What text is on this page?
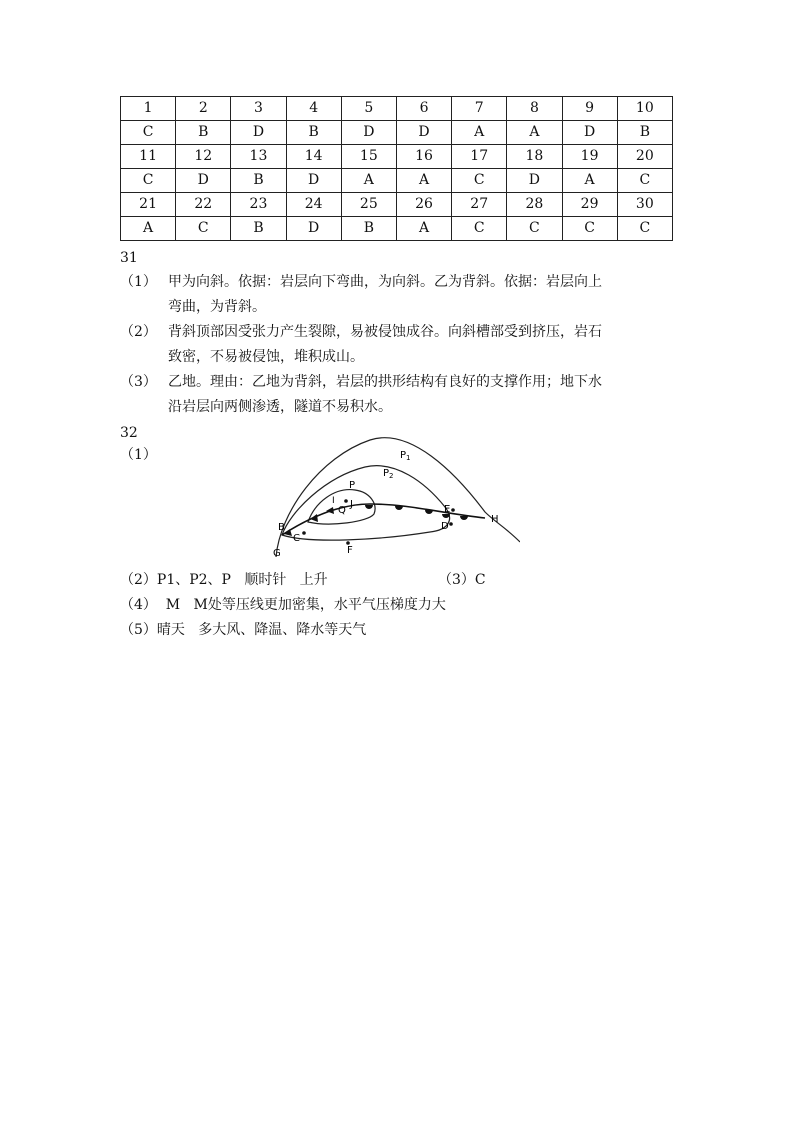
1	2	3	4	5	6	7	8	9	10
C	B	D	B	D	D	A	A	D	B
11	12	13	14	15	16	17	18	19	20
C	D	B	D	A	A	C	D	A	C
21	22	23	24	25	26	27	28	29	30
A	C	B	D	B	A	C	C	C	C
31
（1） 甲为向斜。依据：岩层向下弯曲，为向斜。乙为背斜。依据：岩层向上
弯曲，为背斜。
（2） 背斜顶部因受张力产生裂隙，易被侵蚀成谷。向斜槽部受到挤压，岩石
致密，不易被侵蚀，堆积成山。
（3） 乙地。理由：乙地为背斜，岩层的拱形结构有良好的支撑作用；地下水
沿岩层向两侧渗透，隧道不易积水。
32
（1）	$P_1$
$P_2$
P
I J
Q	E
B
C
D
F
G
H
（2）P1、P2、P   顺时针   上升	（3）C
（4）  M   M处等压线更加密集，水平气压梯度力大
（5）晴天   多大风、降温、降水等天气
